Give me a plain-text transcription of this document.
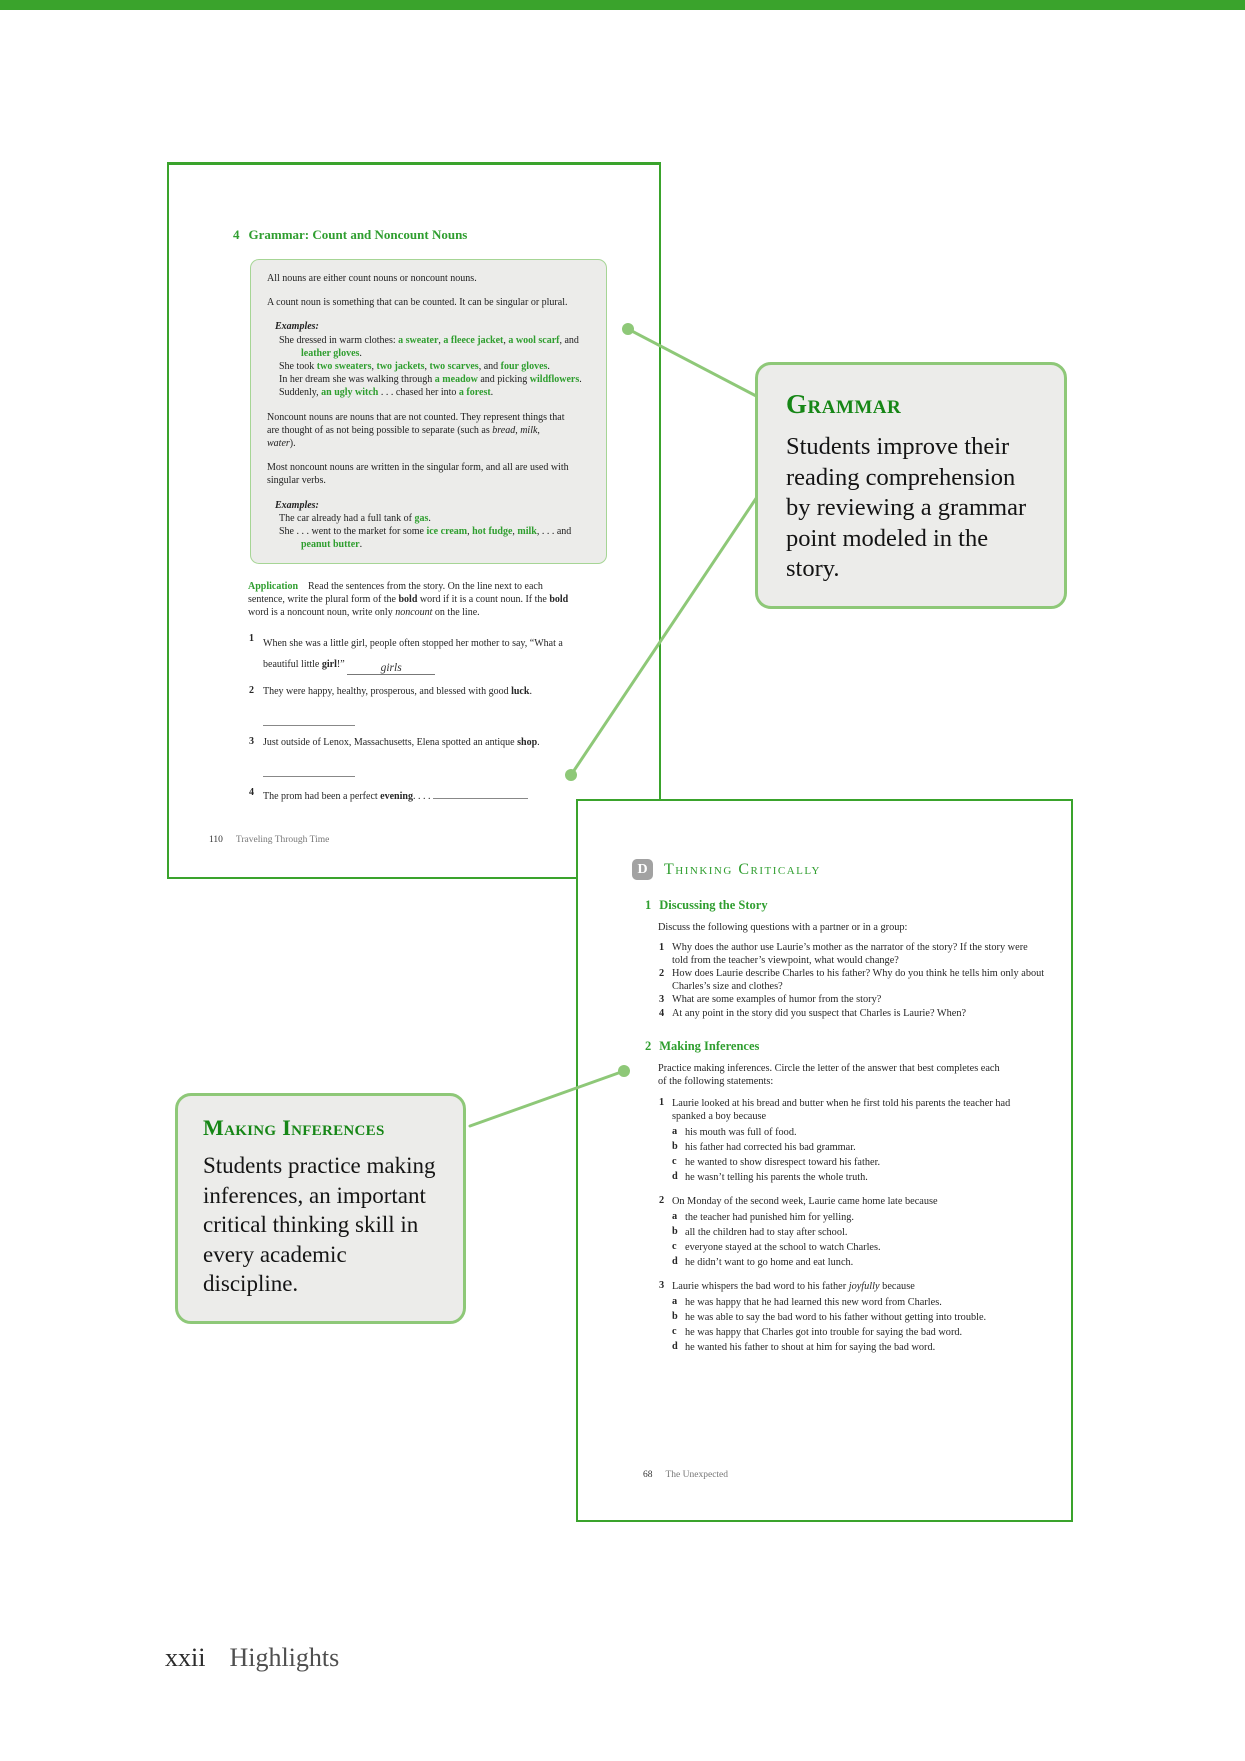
4 Grammar: Count and Noncount Nouns

All nouns are either count nouns or noncount nouns.

A count noun is something that can be counted. It can be singular or plural.

Examples:
She dressed in warm clothes: a sweater, a fleece jacket, a wool scarf, and leather gloves.
She took two sweaters, two jackets, two scarves, and four gloves.
In her dream she was walking through a meadow and picking wildflowers.
Suddenly, an ugly witch . . . chased her into a forest.

Noncount nouns are nouns that are not counted. They represent things that are thought of as not being possible to separate (such as bread, milk, water).

Most noncount nouns are written in the singular form, and all are used with singular verbs.

Examples:
The car already had a full tank of gas.
She . . . went to the market for some ice cream, hot fudge, milk, . . . and peanut butter.
Application Read the sentences from the story. On the line next to each sentence, write the plural form of the bold word if it is a count noun. If the bold word is a noncount noun, write only noncount on the line.
1 When she was a little girl, people often stopped her mother to say, “What a beautiful little girl!”	girls
2 They were happy, healthy, prosperous, and blessed with good luck.
3 Just outside of Lenox, Massachusetts, Elena spotted an antique shop.
4 The prom had been a perfect evening. . . .
110 Traveling Through Time
D	Thinking Critically
1 Discussing the Story
Discuss the following questions with a partner or in a group:
1 Why does the author use Laurie’s mother as the narrator of the story? If the story were told from the teacher’s viewpoint, what would change?
2 How does Laurie describe Charles to his father? Why do you think he tells him only about Charles’s size and clothes?
3 What are some examples of humor from the story?
4 At any point in the story did you suspect that Charles is Laurie? When?
2 Making Inferences
Practice making inferences. Circle the letter of the answer that best completes each of the following statements:
1 Laurie looked at his bread and butter when he first told his parents the teacher had spanked a boy because
a his mouth was full of food.
b his father had corrected his bad grammar.
c he wanted to show disrespect toward his father.
d he wasn’t telling his parents the whole truth.
2 On Monday of the second week, Laurie came home late because
a the teacher had punished him for yelling.
b all the children had to stay after school.
c everyone stayed at the school to watch Charles.
d he didn’t want to go home and eat lunch.
3 Laurie whispers the bad word to his father joyfully because
a he was happy that he had learned this new word from Charles.
b he was able to say the bad word to his father without getting into trouble.
c he was happy that Charles got into trouble for saying the bad word.
d he wanted his father to shout at him for saying the bad word.
68 The Unexpected
Grammar
Students improve their reading comprehension by reviewing a grammar point modeled in the story.
Making Inferences
Students practice making inferences, an important critical thinking skill in every academic discipline.
xxii Highlights
